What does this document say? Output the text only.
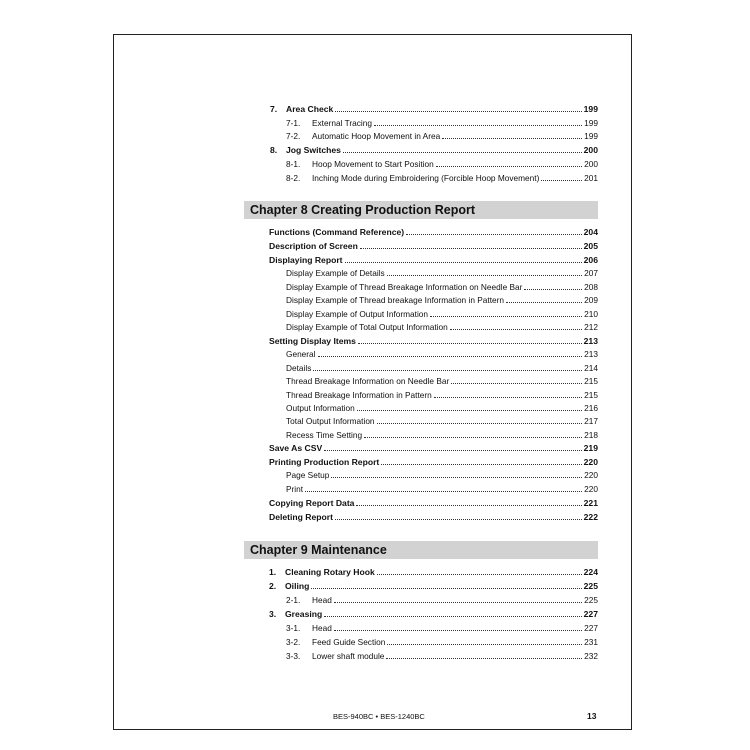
7.	Area Check	199
7-1.	External Tracing	199
7-2.	Automatic Hoop Movement in Area	199
8.	Jog Switches	200
8-1.	Hoop Movement to Start Position	200
8-2.	Inching Mode during Embroidering (Forcible Hoop Movement)	201
Chapter 8 Creating Production Report
Functions (Command Reference)	204
Description of Screen	205
Displaying Report	206
Display Example of Details	207
Display Example of Thread Breakage Information on Needle Bar	208
Display Example of Thread breakage Information in Pattern	209
Display Example of Output Information	210
Display Example of Total Output Information	212
Setting Display Items	213
General	213
Details	214
Thread Breakage Information on Needle Bar	215
Thread Breakage Information in Pattern	215
Output Information	216
Total Output Information	217
Recess Time Setting	218
Save As CSV	219
Printing Production Report	220
Page Setup	220
Print	220
Copying Report Data	221
Deleting Report	222
Chapter 9 Maintenance
1.	Cleaning Rotary Hook	224
2.	Oiling	225
2-1.	Head	225
3.	Greasing	227
3-1.	Head	227
3-2.	Feed Guide Section	231
3-3.	Lower shaft module	232
BES-940BC • BES-1240BC	13
